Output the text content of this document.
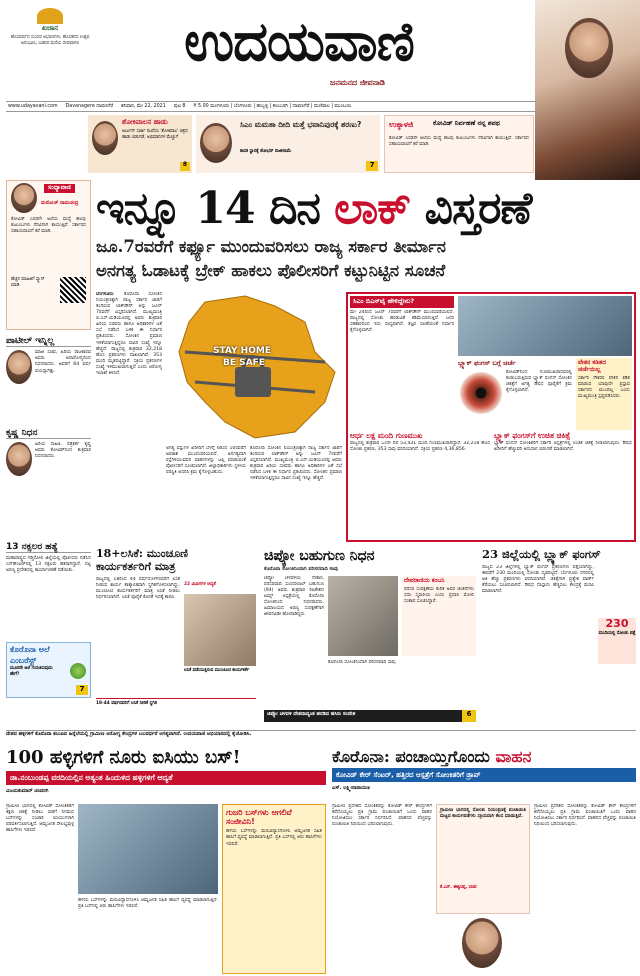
ಖಜಾನ
ಹೊಸವರ್ಷದ ಸುಂದರ ಆಭರಣಗಳು, ಹೊಸತನದ ಉತ್ಸವ ಅನುಭವಿಸಿ, ಬಡವರ ಮನೆಯ ದೀಪವಾಗಲಿ	ಉದಯವಾಣಿ
ಜನಮನದ ಜೀವನಾಡಿ
www.udayavani.com Davanagere ದಾವಣಗೆರೆ ಶನಿವಾರ, ಮೇ 22, 2021 ಪುಟ 8 ₹ 5.00 ಮಂಗಳೂರು | ಬೆಂಗಳೂರು | ಹುಬ್ಬಳ್ಳಿ | ಕಲಬುರಗಿ | ದಾವಣಗೆರೆ | ಮಣಿಪಾಲ | ಮುಂಬಯಿ
ಶೋಕಿವಾಲನ ಹಾಡು
ಅರ್ಜುನ್ ಸರ್ಜಾ ನಟನೆಯ 'ಶೋಕಿವಾಲ' ಚಿತ್ರದ ಹಾಡು ಬಿಡುಗಡೆ, ಅಭಿಮಾನಿಗಳ ಮೆಚ್ಚುಗೆ
8
ಸಿಎಂ ಮಮತಾ ದೀದಿ ಮತ್ತೆ ಭವಾನಿಪುರಕ್ಕೆ ಶರಣು?
ಶಾಸಕ ಸ್ಥಾನಕ್ಕೆ ಶೋಭನ್ ರಾಜೀನಾಮೆ
7
ಉಕ್ಕಾಳಜಿ	ಕೋವಿಡ್ ನಿರ್ವಹಣೆ ನನ್ನ ಶಪಥ
ಕೋವಿಡ್ ಎರಡನೇ ಅಲೆಯ ಮಧ್ಯೆ ಹಲವು ಕುಟುಂಬಗಳು ನೆರವಿಗಾಗಿ ಕಾಯುತ್ತಿವೆ. ಸರ್ಕಾರದ ಸಹಾಯವಾಣಿಗೆ ಕರೆ ಮಾಡಿ.
ಸಂಧ್ಯಾವಾಣಿ
ಮನೋಜ್ ರಾಮಚಂದ್ರ
ಕೋವಿಡ್ ಎರಡನೇ ಅಲೆಯ ಮಧ್ಯೆ ಹಲವು ಕುಟುಂಬಗಳು ನೆರವಿಗಾಗಿ ಕಾಯುತ್ತಿವೆ. ಸರ್ಕಾರದ ಸಹಾಯವಾಣಿಗೆ ಕರೆ ಮಾಡಿ.
ಹೆಚ್ಚಿನ ಮಾಹಿತಿಗೆ ಸ್ಕ್ಯಾನ್ ಮಾಡಿ
ಪಾಟೀಲ್ ಇನ್ನಿಲ್ಲ
ಮಾಜಿ ಸಚಿವ, ಹಿರಿಯ ರಾಜಕಾರಣಿ ಅವರು ಅನಾರೋಗ್ಯದಿಂದ ನಿಧನರಾದರು. ಅವರಿಗೆ 84 ವರ್ಷ ವಯಸ್ಸಾಗಿತ್ತು.
ಕೃಷ್ಣ ನಿಧನ
ಹಿರಿಯ ಸಾಹಿತಿ, ಪತ್ರಕರ್ತ ಕೃಷ್ಣ ಅವರು ಕೋವಿಡ್‌ನಿಂದ ಶುಕ್ರವಾರ ನಿಧನರಾದರು.
13 ನಕ್ಸಲರ ಹತ್ಯೆ
ಮಹಾರಾಷ್ಟ್ರದ ಗಡ್ಚಿರೋಲಿ ಜಿಲ್ಲೆಯಲ್ಲಿ ಪೊಲೀಸರು ನಡೆಸಿದ ಎನ್‌ಕೌಂಟರ್‌ನಲ್ಲಿ 13 ನಕ್ಸಲರು ಹತರಾಗಿದ್ದಾರೆ. ದಟ್ಟ ಅರಣ್ಯ ಪ್ರದೇಶದಲ್ಲಿ ಕಾರ್ಯಾಚರಣೆ ನಡೆಯಿತು.
ಕೊರೊನಾ ಅಲೆ
ಎಂಬರೆಸ್ಟ್
ಮೂರನೇ ಅಲೆ ಗುರುತಿಸುವುದು ಹೇಗೆ?
7
ಇನ್ನೂ 14 ದಿನ ಲಾಕ್ ವಿಸ್ತರಣೆ
ಜೂ.7ರವರೆಗೆ ಕರ್ಫ್ಯೂ ಮುಂದುವರಿಸಲು ರಾಜ್ಯ ಸರ್ಕಾರ ತೀರ್ಮಾನ
ಅನಗತ್ಯ ಓಡಾಟಕ್ಕೆ ಬ್ರೇಕ್ ಹಾಕಲು ಪೊಲೀಸರಿಗೆ ಕಟ್ಟುನಿಟ್ಟಿನ ಸೂಚನೆ
ಬೆಂಗಳೂರು: ಕೊರೊನಾ ಸೋಂಕಿನ ನಿಯಂತ್ರಣಕ್ಕಾಗಿ ರಾಜ್ಯ ಸರ್ಕಾರ ಜಾರಿಗೆ ತಂದಿರುವ ಲಾಕ್‌ಡೌನ್ ಅನ್ನು ಜೂನ್ 7ರವರೆಗೆ ವಿಸ್ತರಿಸಲಾಗಿದೆ. ಮುಖ್ಯಮಂತ್ರಿ ಬಿ.ಎಸ್.ಯಡಿಯೂರಪ್ಪ ಅವರು ಶುಕ್ರವಾರ ಹಿರಿಯ ಸಚಿವರು ಹಾಗೂ ಅಧಿಕಾರಿಗಳ ಜತೆ ಸಭೆ ನಡೆಸಿದ ಬಳಿಕ ಈ ನಿರ್ಧಾರ ಪ್ರಕಟಿಸಿದರು. ಸೋಂಕಿನ ಪ್ರಮಾಣ ಇಳಿಕೆಯಾಗುತ್ತಿದ್ದರೂ ಸಾವಿನ ಸಂಖ್ಯೆ ಇನ್ನೂ ಹೆಚ್ಚಿದೆ. ರಾಜ್ಯದಲ್ಲಿ ಶುಕ್ರವಾರ 32,218 ಹೊಸ ಪ್ರಕರಣಗಳು ದಾಖಲಾಗಿವೆ. 353 ಮಂದಿ ಮೃತಪಟ್ಟಿದ್ದಾರೆ. ಸಕ್ರಿಯ ಪ್ರಕರಣಗಳ ಸಂಖ್ಯೆ ಇಳಿಮುಖವಾಗುತ್ತಿದೆ ಎಂದು ಆರೋಗ್ಯ ಇಲಾಖೆ ತಿಳಿಸಿದೆ.
STAY HOME
BE SAFE
ಅಗತ್ಯ ವಸ್ತುಗಳ ಖರೀದಿಗೆ ಬೆಳಗ್ಗೆ 6ರಿಂದ 10ರವರೆಗೆ ಅವಕಾಶ ಮುಂದುವರಿಯಲಿದೆ. ಅನಗತ್ಯವಾಗಿ ರಸ್ತೆಗಿಳಿಯುವವರ ವಾಹನಗಳನ್ನು ಜಪ್ತಿ ಮಾಡುವಂತೆ ಪೊಲೀಸರಿಗೆ ಸೂಚಿಸಲಾಗಿದೆ. ಜಿಲ್ಲಾಧಿಕಾರಿಗಳು ಸ್ಥಳೀಯ ಪರಿಸ್ಥಿತಿ ಆಧರಿಸಿ ಕ್ರಮ ಕೈಗೊಳ್ಳಬಹುದು.
ಕೊರೊನಾ ಸೋಂಕಿನ ನಿಯಂತ್ರಣಕ್ಕಾಗಿ ರಾಜ್ಯ ಸರ್ಕಾರ ಜಾರಿಗೆ ತಂದಿರುವ ಲಾಕ್‌ಡೌನ್ ಅನ್ನು ಜೂನ್ 7ರವರೆಗೆ ವಿಸ್ತರಿಸಲಾಗಿದೆ. ಮುಖ್ಯಮಂತ್ರಿ ಬಿ.ಎಸ್.ಯಡಿಯೂರಪ್ಪ ಅವರು ಶುಕ್ರವಾರ ಹಿರಿಯ ಸಚಿವರು ಹಾಗೂ ಅಧಿಕಾರಿಗಳ ಜತೆ ಸಭೆ ನಡೆಸಿದ ಬಳಿಕ ಈ ನಿರ್ಧಾರ ಪ್ರಕಟಿಸಿದರು. ಸೋಂಕಿನ ಪ್ರಮಾಣ ಇಳಿಕೆಯಾಗುತ್ತಿದ್ದರೂ ಸಾವಿನ ಸಂಖ್ಯೆ ಇನ್ನೂ ಹೆಚ್ಚಿದೆ.
ಸಿಎಂ ಬಿಎಸ್‌ವೈ ಹೇಳಿದ್ದೇನು?
ಮೇ 24ರಿಂದ ಜೂನ್ 7ರವರೆಗೆ ಲಾಕ್‌ಡೌನ್ ಮುಂದುವರಿಯಲಿದೆ. ರಾಜ್ಯದಲ್ಲಿ ಸೋಂಕು ಹರಡುವಿಕೆ ಕಡಿಮೆಯಾಗುತ್ತಿದೆ. ಜನರ ಸಹಕಾರದಿಂದ ಇದು ಸಾಧ್ಯವಾಗಿದೆ. ತಜ್ಞರ ಸಲಹೆಯಂತೆ ನಿರ್ಧಾರ ಕೈಗೊಳ್ಳಲಾಗಿದೆ.
ಬ್ಲ್ಯಾಕ್ ಫಂಗಸ್ ಬಗ್ಗೆ ಚರ್ಚೆ
ಕೋವಿಡ್‌ನಿಂದ ಗುಣಮುಖರಾದವರಲ್ಲಿ ಕಂಡುಬರುತ್ತಿರುವ ಬ್ಲ್ಯಾಕ್ ಫಂಗಸ್ ಸೋಂಕಿನ ಚಿಕಿತ್ಸೆಗೆ ಅಗತ್ಯ ಔಷಧ ಪೂರೈಕೆಗೆ ಕ್ರಮ ಕೈಗೊಳ್ಳಲಾಗಿದೆ.
ವೇತನ ಕಡಿತದ ಚರ್ಚೆಯಿಲ್ಲ
ಸರ್ಕಾರಿ ನೌಕರರ ವೇತನ ಕಡಿತ ಮಾಡುವ ಯಾವುದೇ ಪ್ರಸ್ತಾವ ಸರ್ಕಾರದ ಮುಂದಿಲ್ಲ ಎಂದು ಮುಖ್ಯಮಂತ್ರಿ ಸ್ಪಷ್ಟಪಡಿಸಿದರು.
ಅರ್ಧ ಲಕ್ಷ ಮಂದಿ ಗುಣಮುಖ
ರಾಜ್ಯದಲ್ಲಿ ಶುಕ್ರವಾರ ಒಂದೇ ದಿನ 53,431 ಮಂದಿ ಗುಣಮುಖರಾಗಿದ್ದಾರೆ. 32,218 ಹೊಸ ಸೋಂಕು ಪ್ರಕರಣ, 353 ಸಾವು ವರದಿಯಾಗಿದೆ. ಸಕ್ರಿಯ ಪ್ರಕರಣ 4,36,856.
ಬ್ಲ್ಯಾಕ್ ಫಂಗಸ್‌ಗೆ ಉಚಿತ ಚಿಕಿತ್ಸೆ
ಬ್ಲ್ಯಾಕ್ ಫಂಗಸ್ ಸೋಂಕಿತರಿಗೆ ಸರ್ಕಾರಿ ಆಸ್ಪತ್ರೆಗಳಲ್ಲಿ ಉಚಿತ ಚಿಕಿತ್ಸೆ ನೀಡಲಾಗುವುದು. ಔಷಧ ಖರೀದಿಗೆ ಹೆಚ್ಚುವರಿ ಅನುದಾನ ಬಿಡುಗಡೆ ಮಾಡಲಾಗಿದೆ.
18+ಲಸಿಕೆ: ಮುಂಚೂಣಿ
ಕಾರ್ಯಕರ್ತರಿಗೆ ಮಾತ್ರ
ರಾಜ್ಯದಲ್ಲಿ 18ರಿಂದ 44 ವರ್ಷದೊಳಗಿನವರಿಗೆ ಲಸಿಕೆ ನೀಡುವ ಕಾರ್ಯ ತಾತ್ಕಾಲಿಕವಾಗಿ ಸ್ಥಗಿತಗೊಳಿಸಲಾಗಿದ್ದು, ಮುಂಚೂಣಿ ಕಾರ್ಯಕರ್ತರಿಗೆ ಮಾತ್ರ ಲಸಿಕೆ ನೀಡಲು ನಿರ್ಧರಿಸಲಾಗಿದೆ. ಲಸಿಕೆ ಪೂರೈಕೆ ಕೊರತೆ ಇದಕ್ಕೆ ಕಾರಣ.
22 ವಿಭಾಗಗಳ ಆದ್ಯತೆ
ಲಸಿಕೆ ಪಡೆಯುತ್ತಿರುವ ಮುಂಚೂಣಿ ಕಾರ್ಯಕರ್ತೆ
18-44 ವರ್ಷದವರಿಗೆ ಲಸಿಕೆ ನೀಡಿಕೆ ಸ್ಥಗಿತ
ಚಿಪ್ಕೋ ಬಹುಗುಣ ನಿಧನ
ಕೊರೊನಾ ಸೋಂಕಿನಿಂದಾಗಿ ಪರಿಸರವಾದಿ ಸಾವು
ಚಿಪ್ಕೋ ಚಳವಳಿಯ ನೇತಾರ, ಪರಿಸರವಾದಿ ಸುಂದರಲಾಲ್ ಬಹುಗುಣ (94) ಅವರು ಶುಕ್ರವಾರ ರಿಷಿಕೇಶದ ಏಮ್ಸ್ ಆಸ್ಪತ್ರೆಯಲ್ಲಿ ಕೊರೊನಾ ಸೋಂಕಿನಿಂದ ನಿಧನರಾದರು. ಹಿಮಾಲಯದ ಅರಣ್ಯ ಸಂರಕ್ಷಣೆಗಾಗಿ ಜೀವನವಿಡೀ ಹೋರಾಡಿದ್ದರು.
ದೇವರಾಣಿಯ ಕಂಬನಿ
ಪರಿಸರ ಸಂರಕ್ಷಣೆಯ ಕುರಿತ ಅವರ ಚಿಂತನೆಗಳು ಸದಾ ಸ್ಮರಣೀಯ ಎಂದು ಪ್ರಧಾನಿ ಮೋದಿ ಸಂತಾಪ ಸೂಚಿಸಿದ್ದಾರೆ.
ಕೊರೊನಾ ಸೋಂಕಿನಿಂದಾಗಿ ಪರಿಸರವಾದಿ ಸಾವು
ಚಿಪ್ಕೋ ಚಳವಳಿ ದೇಶದಾದ್ಯಂತ ಹರಡಿದ ಹಸಿರು ಸಂದೇಶ	6
23 ಜಿಲ್ಲೆಯಲ್ಲಿ ಬ್ಲ್ಯಾಕ್ ಫಂಗಸ್
ರಾಜ್ಯದ 23 ಜಿಲ್ಲೆಗಳಲ್ಲಿ ಬ್ಲ್ಯಾಕ್ ಫಂಗಸ್ ಪ್ರಕರಣಗಳು ಪತ್ತೆಯಾಗಿದ್ದು, ಈವರೆಗೆ 230 ಮಂದಿಯಲ್ಲಿ ಸೋಂಕು ದೃಢಪಟ್ಟಿದೆ. ಬೆಂಗಳೂರು ನಗರದಲ್ಲಿ ಅತಿ ಹೆಚ್ಚು ಪ್ರಕರಣಗಳು ವರದಿಯಾಗಿವೆ. ಚಿಕಿತ್ಸೆಗಾಗಿ ಪ್ರತ್ಯೇಕ ವಾರ್ಡ್ ತೆರೆಯಲು ಸೂಚಿಸಲಾಗಿದೆ. ಔಷಧ ದಾಸ್ತಾನು ಹೆಚ್ಚಿಸಲು ಕೇಂದ್ರಕ್ಕೆ ಮನವಿ ಮಾಡಲಾಗಿದೆ.
230
ಮಂದಿಯಲ್ಲಿ ಸೋಂಕು ಪತ್ತೆ
ದೇಶದ ಹಳ್ಳಿಗಳಿಗೆ ಕೊರೊನಾ ತಲುಪಿದ ಹಿನ್ನೆಲೆಯಲ್ಲಿ ಗ್ರಾಮೀಣ ಆರೋಗ್ಯ ಕೇಂದ್ರಗಳ ಬಲವರ್ಧನೆ ಅಗತ್ಯವಾಗಿದೆ. ಉದಯವಾಣಿ ಅಭಿಯಾನದಲ್ಲಿ ಕೈಜೋಡಿಸಿ.
100 ಹಳ್ಳಿಗಳಿಗೆ ನೂರು ಐಸಿಯು ಬಸ್!
ಡಾ.ನಂಬುಂಡಪ್ಪ ವರದಿಯಲ್ಲಿನ ಅತ್ಯಂತ ಹಿಂದುಳಿದ ಹಳ್ಳಿಗಳಿಗೆ ಆದ್ಯತೆ
ವಿಜಯಕುಮಾರ್ ಚಂದರಗಿ
ಗ್ರಾಮೀಣ ಭಾಗದಲ್ಲಿ ಕೋವಿಡ್ ಸೋಂಕಿತರಿಗೆ ತಕ್ಷಣ ಚಿಕಿತ್ಸೆ ನೀಡಲು ಸಾರಿಗೆ ನಿಗಮದ ಬಸ್‌ಗಳನ್ನು ಸಂಚಾರಿ ಐಸಿಯುಗಳಾಗಿ ಪರಿವರ್ತಿಸಲಾಗುತ್ತಿದೆ. ಆಮ್ಲಜನಕ ಸೌಲಭ್ಯವುಳ್ಳ ಹಾಸಿಗೆಗಳು ಇರಲಿವೆ.
ಹಳೆಯ ಬಸ್‌ಗಳನ್ನು ಮರುವಿನ್ಯಾಸಗೊಳಿಸಿ ಆಮ್ಲಜನಕ ಸಹಿತ ಹಾಸಿಗೆ ವ್ಯವಸ್ಥೆ ಮಾಡಲಾಗುತ್ತಿದೆ. ಪ್ರತಿ ಬಸ್‌ನಲ್ಲಿ ಆರು ಹಾಸಿಗೆಗಳು ಇರಲಿವೆ.
ಗುಜರಿ ಬಸ್‌ಗಳು ಆಗಲಿವೆ ಸಂಜೀವಿನಿ!
ಹಳೆಯ ಬಸ್‌ಗಳನ್ನು ಮರುವಿನ್ಯಾಸಗೊಳಿಸಿ ಆಮ್ಲಜನಕ ಸಹಿತ ಹಾಸಿಗೆ ವ್ಯವಸ್ಥೆ ಮಾಡಲಾಗುತ್ತಿದೆ. ಪ್ರತಿ ಬಸ್‌ನಲ್ಲಿ ಆರು ಹಾಸಿಗೆಗಳು ಇರಲಿವೆ.
ಕೊರೊನಾ: ಪಂಚಾಯ್ತಿಗೊಂದು ವಾಹನ
ಕೋವಿಡ್ ಕೇರ್ ಸೆಂಟರ್, ಹತ್ತಿರದ ಆಸ್ಪತ್ರೆಗೆ ಸೋಂಕಿತರಿಗೆ ಡ್ರಾಪ್
ಎಸ್. ಲಕ್ಷ್ಮೀನಾರಾಯಣ
ಗ್ರಾಮೀಣ ಪ್ರದೇಶದ ಸೋಂಕಿತರನ್ನು ಕೋವಿಡ್ ಕೇರ್ ಕೇಂದ್ರಗಳಿಗೆ ಕರೆದೊಯ್ಯಲು ಪ್ರತಿ ಗ್ರಾಮ ಪಂಚಾಯಿತಿಗೆ ಒಂದು ವಾಹನ ನಿಯೋಜಿಸಲು ಸರ್ಕಾರ ನಿರ್ಧರಿಸಿದೆ. ವಾಹನದ ವೆಚ್ಚವನ್ನು ಪಂಚಾಯಿತಿ ನಿಧಿಯಿಂದ ಭರಿಸಲಾಗುವುದು.
ಗ್ರಾಮೀಣ ಭಾಗದಲ್ಲಿ ಸೋಂಕು ನಿಯಂತ್ರಣಕ್ಕೆ ಪಂಚಾಯಿತಿ ಮಟ್ಟದ ಕಾರ್ಯಪಡೆಗಳು ಸಕ್ರಿಯವಾಗಿ ಕೆಲಸ ಮಾಡುತ್ತಿವೆ.
ಕೆ.ಎಸ್. ಈಶ್ವರಪ್ಪ, ಸಚಿವ
ಗ್ರಾಮೀಣ ಪ್ರದೇಶದ ಸೋಂಕಿತರನ್ನು ಕೋವಿಡ್ ಕೇರ್ ಕೇಂದ್ರಗಳಿಗೆ ಕರೆದೊಯ್ಯಲು ಪ್ರತಿ ಗ್ರಾಮ ಪಂಚಾಯಿತಿಗೆ ಒಂದು ವಾಹನ ನಿಯೋಜಿಸಲು ಸರ್ಕಾರ ನಿರ್ಧರಿಸಿದೆ. ವಾಹನದ ವೆಚ್ಚವನ್ನು ಪಂಚಾಯಿತಿ ನಿಧಿಯಿಂದ ಭರಿಸಲಾಗುವುದು.
